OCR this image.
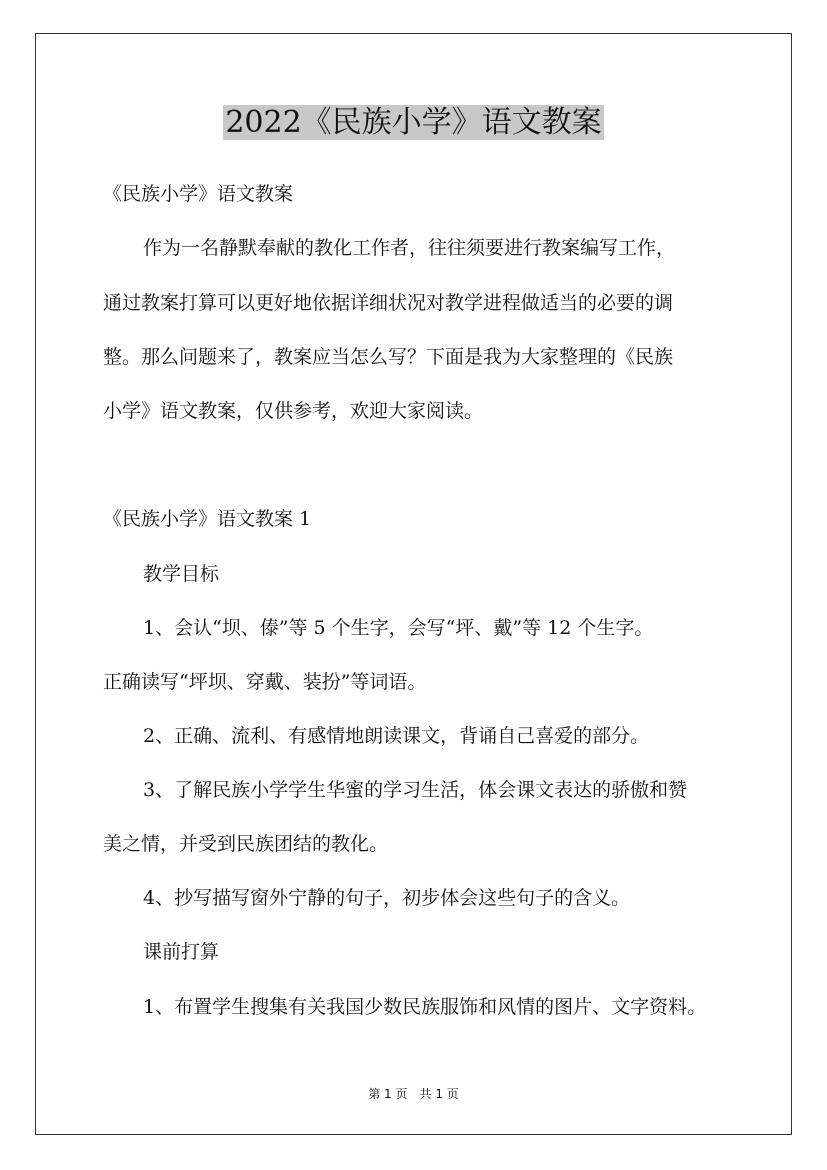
2022《民族小学》语文教案
《民族小学》语文教案
作为一名静默奉献的教化工作者，往往须要进行教案编写工作，
通过教案打算可以更好地依据详细状况对教学进程做适当的必要的调
整。那么问题来了，教案应当怎么写？下面是我为大家整理的《民族
小学》语文教案，仅供参考，欢迎大家阅读。
《民族小学》语文教案 1
教学目标
1、会认“坝、傣”等 5 个生字，会写“坪、戴”等 12 个生字。
正确读写“坪坝、穿戴、装扮”等词语。
2、正确、流利、有感情地朗读课文，背诵自己喜爱的部分。
3、了解民族小学学生华蜜的学习生活，体会课文表达的骄傲和赞
美之情，并受到民族团结的教化。
4、抄写描写窗外宁静的句子，初步体会这些句子的含义。
课前打算
1、布置学生搜集有关我国少数民族服饰和风情的图片、文字资料。
第 1 页　共 1 页
